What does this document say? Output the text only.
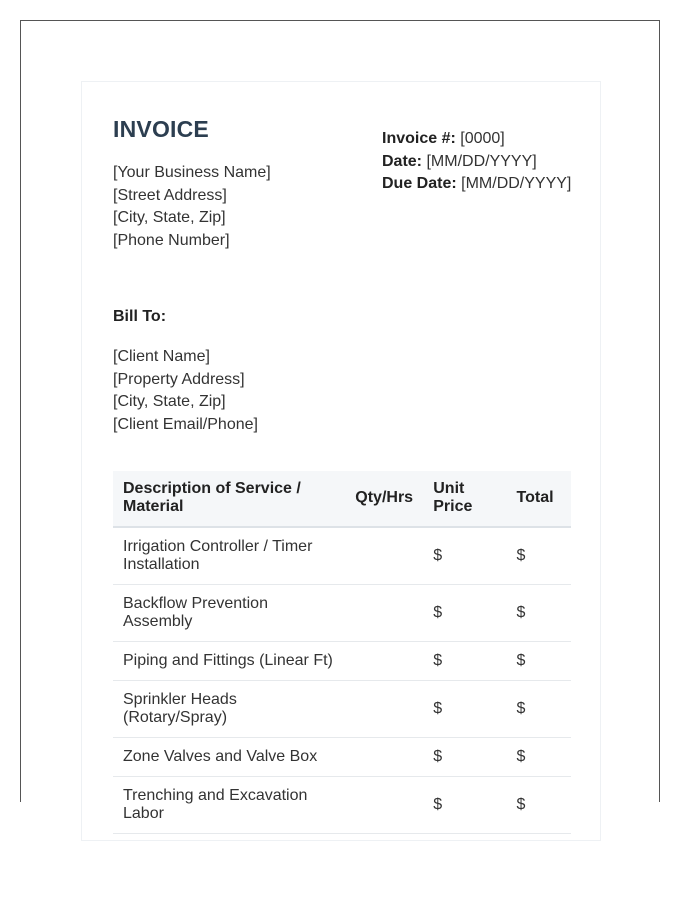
INVOICE
[Your Business Name]
[Street Address]
[City, State, Zip]
[Phone Number]
Invoice #: [0000]
Date: [MM/DD/YYYY]
Due Date: [MM/DD/YYYY]
Bill To:
[Client Name]
[Property Address]
[City, State, Zip]
[Client Email/Phone]
Description of Service / Material	Qty/Hrs	Unit Price	Total
Irrigation Controller / Timer Installation		$	$
Backflow Prevention Assembly		$	$
Piping and Fittings (Linear Ft)		$	$
Sprinkler Heads (Rotary/Spray)		$	$
Zone Valves and Valve Box		$	$
Trenching and Excavation Labor		$	$
